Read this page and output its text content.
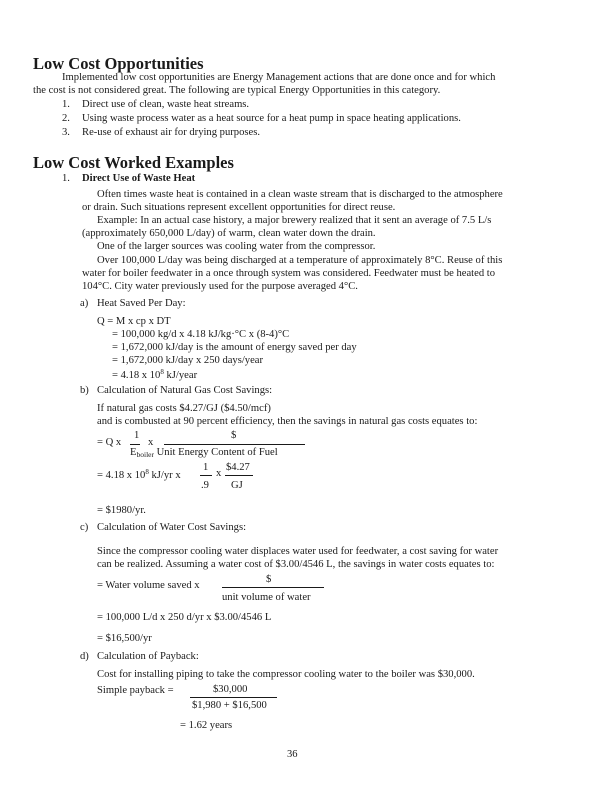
Low Cost Opportunities
Implemented low cost opportunities are Energy Management actions that are done once and for which
the cost is not considered great. The following are typical Energy Opportunities in this category.
1. Direct use of clean, waste heat streams.
2. Using waste process water as a heat source for a heat pump in space heating applications.
3. Re-use of exhaust air for drying purposes.
Low Cost Worked Examples
1. Direct Use of Waste Heat
Often times waste heat is contained in a clean waste stream that is discharged to the atmosphere
or drain. Such situations represent excellent opportunities for direct reuse.
Example: In an actual case history, a major brewery realized that it sent an average of 7.5 L/s
(approximately 650,000 L/day) of warm, clean water down the drain.
One of the larger sources was cooling water from the compressor.
Over 100,000 L/day was being discharged at a temperature of approximately 8°C. Reuse of this
water for boiler feedwater in a once through system was considered. Feedwater must be heated to
104°C. City water previously used for the purpose averaged 4°C.
a) Heat Saved Per Day:
Q = M x cp x DT
= 100,000 kg/d x 4.18 kJ/kg·°C x (8-4)°C
= 1,672,000 kJ/day is the amount of energy saved per day
= 1,672,000 kJ/day x 250 days/year
= 4.18 x $10^8$ kJ/year
b) Calculation of Natural Gas Cost Savings:
If natural gas costs $4.27/GJ ($4.50/mcf)
and is combusted at 90 percent efficiency, then the savings in natural gas costs equates to:
= Q x
1
x
$
$E_{boiler}$ Unit Energy Content of Fuel
= 4.18 x $10^8$ kJ/yr x
1
.9
x
$4.27
GJ
= $1980/yr.
c) Calculation of Water Cost Savings:
Since the compressor cooling water displaces water used for feedwater, a cost saving for water
can be realized. Assuming a water cost of $3.00/4546 L, the savings in water costs equates to:
= Water volume saved x
$
unit volume of water
= 100,000 L/d x 250 d/yr x $3.00/4546 L
= $16,500/yr
d) Calculation of Payback:
Cost for installing piping to take the compressor cooling water to the boiler was $30,000.
Simple payback =	$30,000
$1,980 + $16,500
= 1.62 years
36
